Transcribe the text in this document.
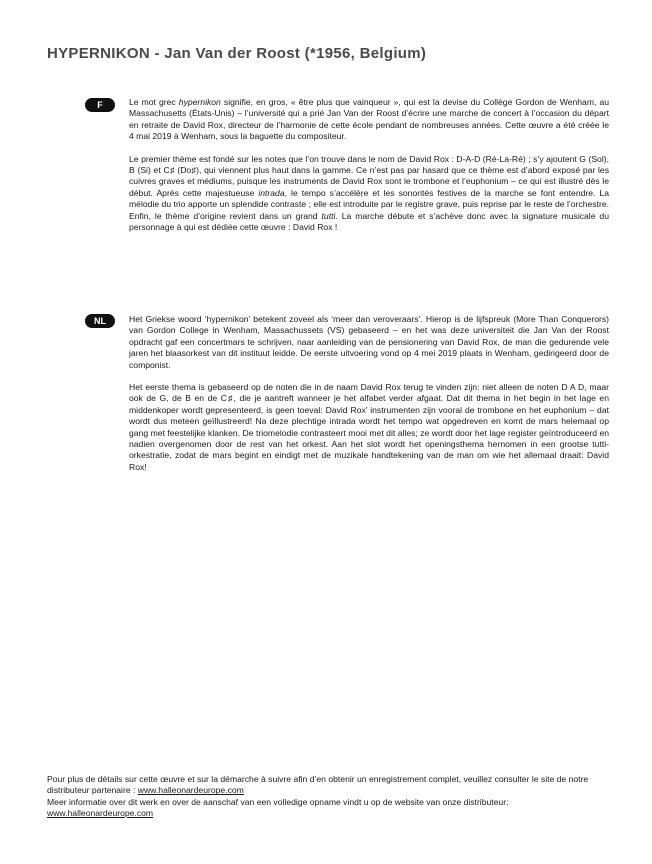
HYPERNIKON - Jan Van der Roost (*1956, Belgium)
F	Le mot grec hypernikon signifie, en gros, « être plus que vainqueur », qui est la devise du Collège Gordon de Wenham, au Massachusetts (États-Unis) – l’université qui a prié Jan Van der Roost d’écrire une marche de concert à l’occasion du départ en retraite de David Rox, directeur de l’harmonie de cette école pendant de nombreuses années. Cette œuvre a été créée le 4 mai 2019 à Wenham, sous la baguette du compositeur.

Le premier thème est fondé sur les notes que l’on trouve dans le nom de David Rox : D-A-D (Ré-La-Ré) ; s’y ajoutent G (Sol), B (Si) et C♯ (Do♯), qui viennent plus haut dans la gamme. Ce n’est pas par hasard que ce thème est d’abord exposé par les cuivres graves et médiums, puisque les instruments de David Rox sont le trombone et l’euphonium – ce qui est illustré dès le début. Après cette majestueuse intrada, le tempo s’accélère et les sonorités festives de la marche se font entendre. La mélodie du trio apporte un splendide contraste ; elle est introduite par le registre grave, puis reprise par le reste de l’orchestre. Enfin, le thème d’origine revient dans un grand tutti. La marche débute et s’achève donc avec la signature musicale du personnage à qui est dédiée cette œuvre : David Rox !

NL	Het Griekse woord ‘hypernikon’ betekent zoveel als ‘meer dan veroveraars’. Hierop is de lijfspreuk (More Than Conquerors) van Gordon College in Wenham, Massachussets (VS) gebaseerd – en het was deze universiteit die Jan Van der Roost opdracht gaf een concertmars te schrijven, naar aanleiding van de pensionering van David Rox, de man die gedurende vele jaren het blaasorkest van dit instituut leidde. De eerste uitvoering vond op 4 mei 2019 plaats in Wenham, gedirigeerd door de componist.

Het eerste thema is gebaseerd op de noten die in de naam David Rox terug te vinden zijn: niet alleen de noten D A D, maar ook de G, de B en de C♯, die je aantreft wanneer je het alfabet verder afgaat. Dat dit thema in het begin in het lage en middenkoper wordt gepresenteerd, is geen toeval: David Rox’ instrumenten zijn vooral de trombone en het euphonium – dat wordt dus meteen geïllustreerd! Na deze plechtige intrada wordt het tempo wat opgedreven en komt de mars helemaal op gang met feestelijke klanken. De triomelodie contrasteert mooi met dit alles; ze wordt door het lage register geïntroduceerd en nadien overgenomen door de rest van het orkest. Aan het slot wordt het openingsthema hernomen in een grootse tutti-orkestratie, zodat de mars begint en eindigt met de muzikale handtekening van de man om wie het allemaal draait: David Rox!

Pour plus de détails sur cette œuvre et sur la démarche à suivre afin d’en obtenir un enregistrement complet, veuillez consulter le site de notre distributeur partenaire : www.halleonardeurope.com
Meer informatie over dit werk en over de aanschaf van een volledige opname vindt u op de website van onze distributeur:
www.halleonardeurope.com
